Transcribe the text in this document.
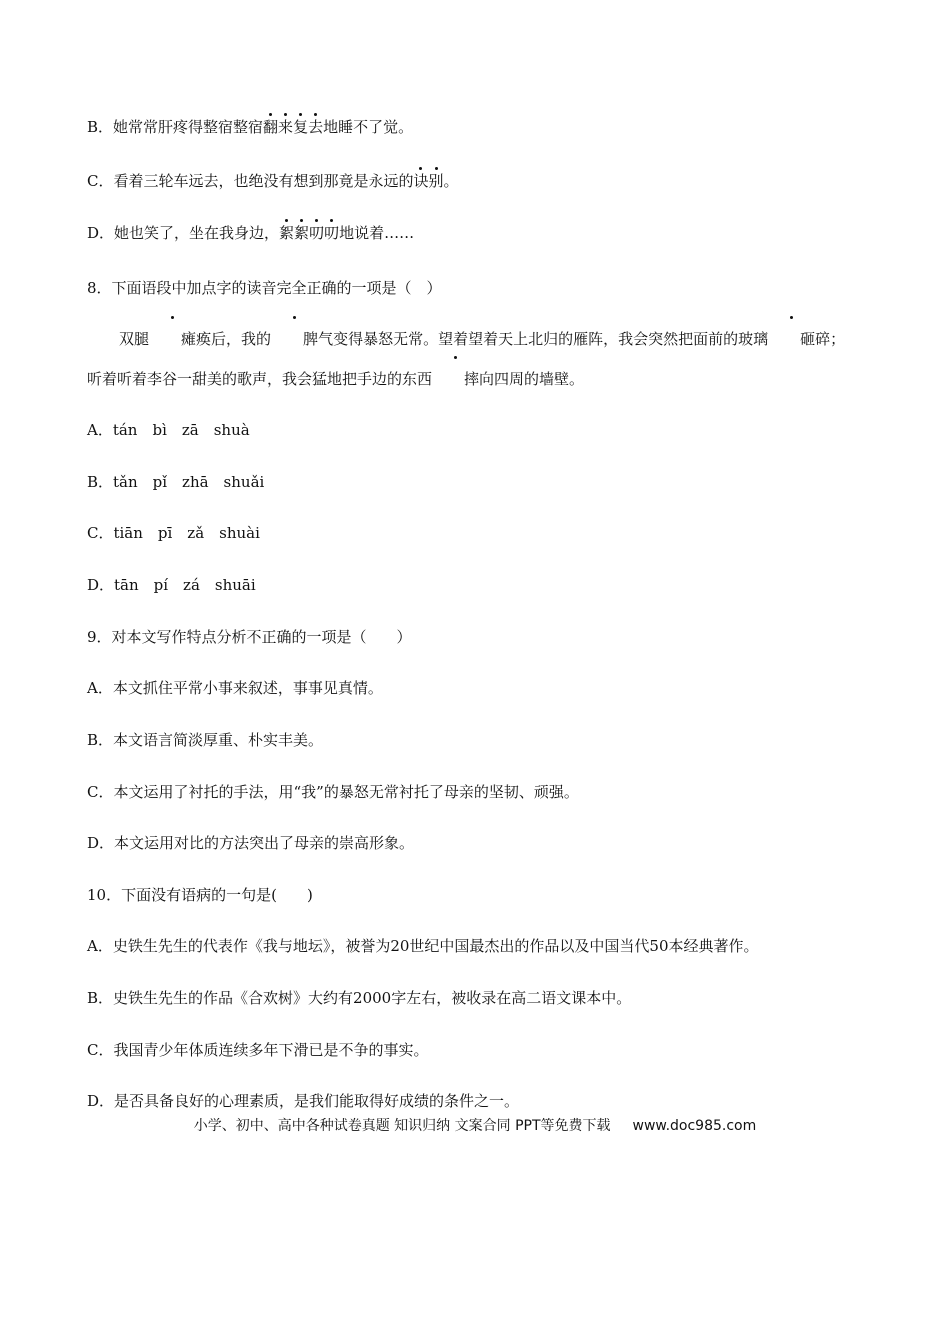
B．她常常肝疼得整宿整宿翻来复去地睡不了觉。
C．看着三轮车远去，也绝没有想到那竟是永远的诀别。
D．她也笑了，坐在我身边，絮絮叨叨地说着……
8．下面语段中加点字的读音完全正确的一项是（　）
双腿 瘫痪后，我的 脾气变得暴怒无常。望着望着天上北归的雁阵，我会突然把面前的玻璃 砸碎；听着听着李谷一甜美的歌声，我会猛地把手边的东西 摔向四周的墙壁。
A．tán　bì　zā　shuà
B．tǎn　pǐ　zhā　shuǎi
C．tiān　pī　zǎ　shuài
D．tān　pí　zá　shuāi
9．对本文写作特点分析不正确的一项是（　　）
A．本文抓住平常小事来叙述，事事见真情。
B．本文语言简淡厚重、朴实丰美。
C．本文运用了衬托的手法，用“我”的暴怒无常衬托了母亲的坚韧、顽强。
D．本文运用对比的方法突出了母亲的崇高形象。
10．下面没有语病的一句是(　　)
A．史铁生先生的代表作《我与地坛》，被誉为20世纪中国最杰出的作品以及中国当代50本经典著作。
B．史铁生先生的作品《合欢树》大约有2000字左右，被收录在高二语文课本中。
C．我国青少年体质连续多年下滑已是不争的事实。
D．是否具备良好的心理素质，是我们能取得好成绩的条件之一。
小学、初中、高中各种试卷真题 知识归纳 文案合同 PPT等免费下载 www.doc985.com
